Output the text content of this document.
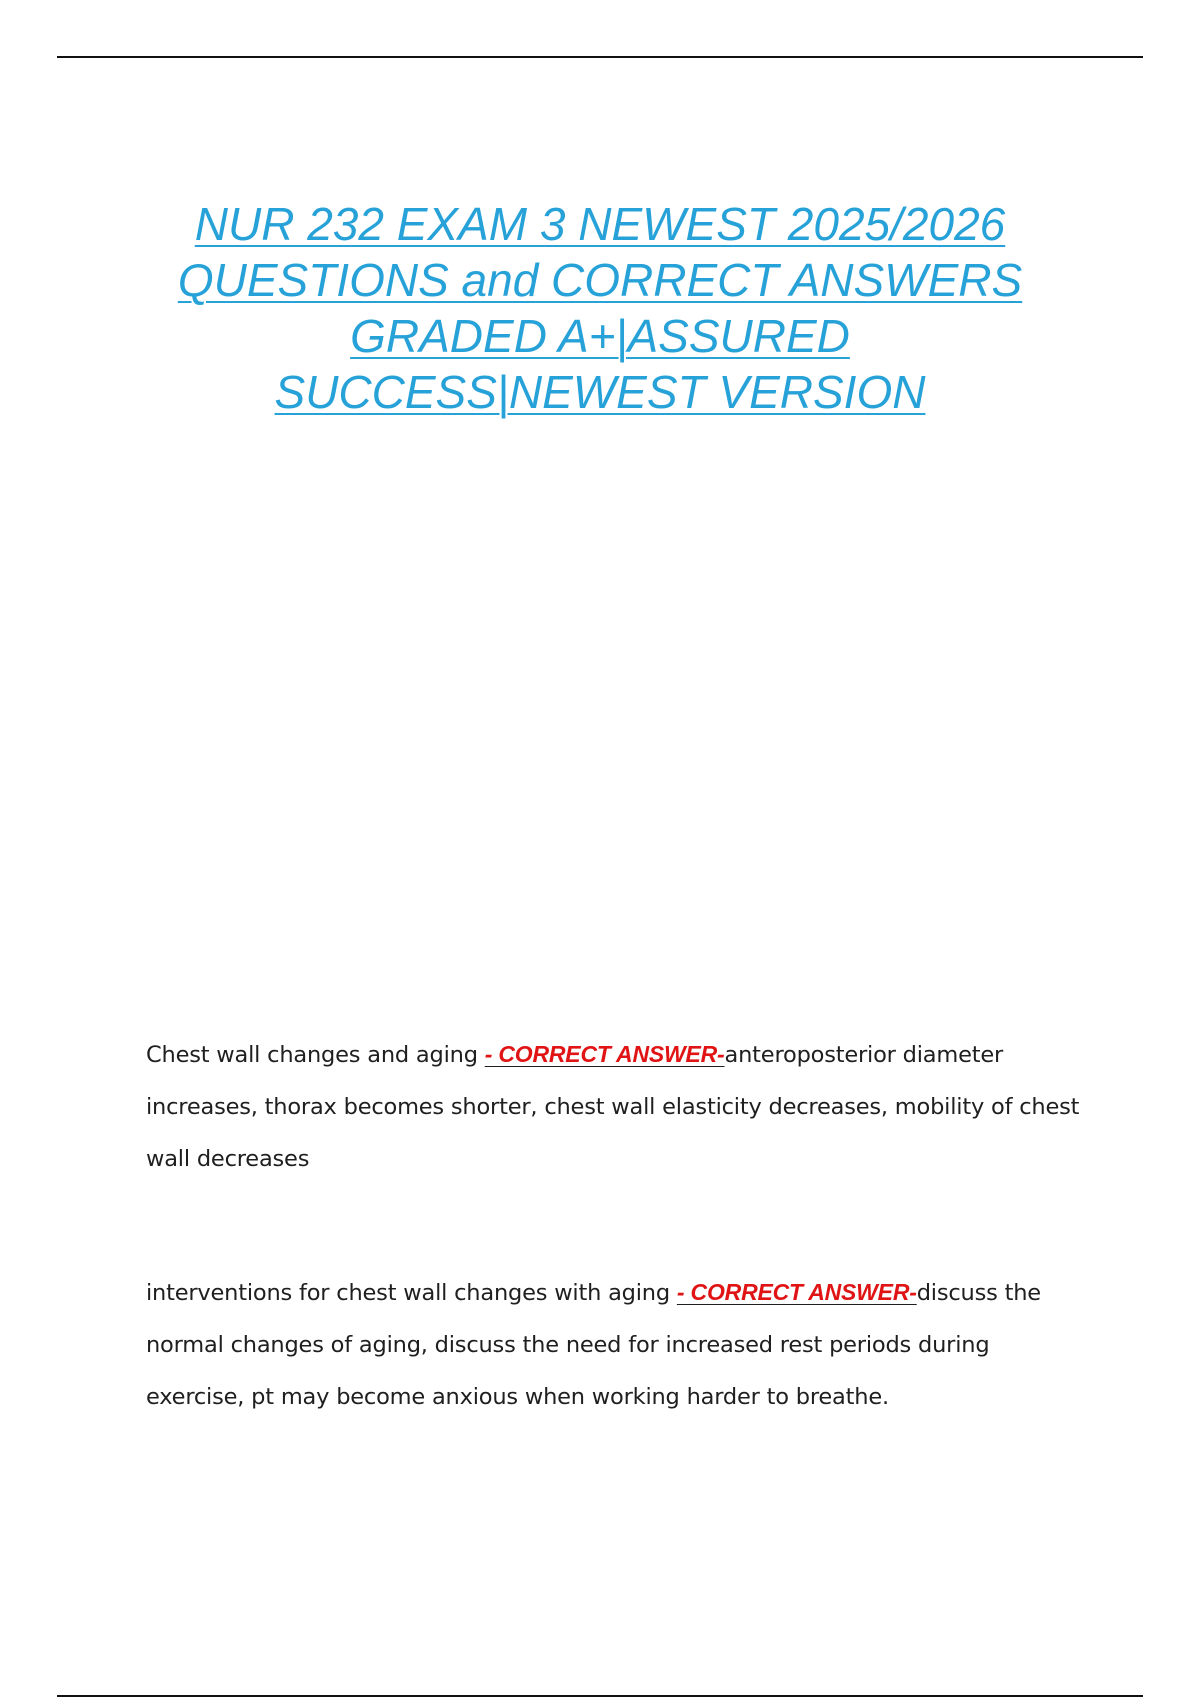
NUR 232 EXAM 3 NEWEST 2025/2026
QUESTIONS and CORRECT ANSWERS
GRADED A+|ASSURED
SUCCESS|NEWEST VERSION
Chest wall changes and aging - CORRECT ANSWER-anteroposterior diameter increases, thorax becomes shorter, chest wall elasticity decreases, mobility of chest wall decreases
interventions for chest wall changes with aging - CORRECT ANSWER-discuss the normal changes of aging, discuss the need for increased rest periods during exercise, pt may become anxious when working harder to breathe.
